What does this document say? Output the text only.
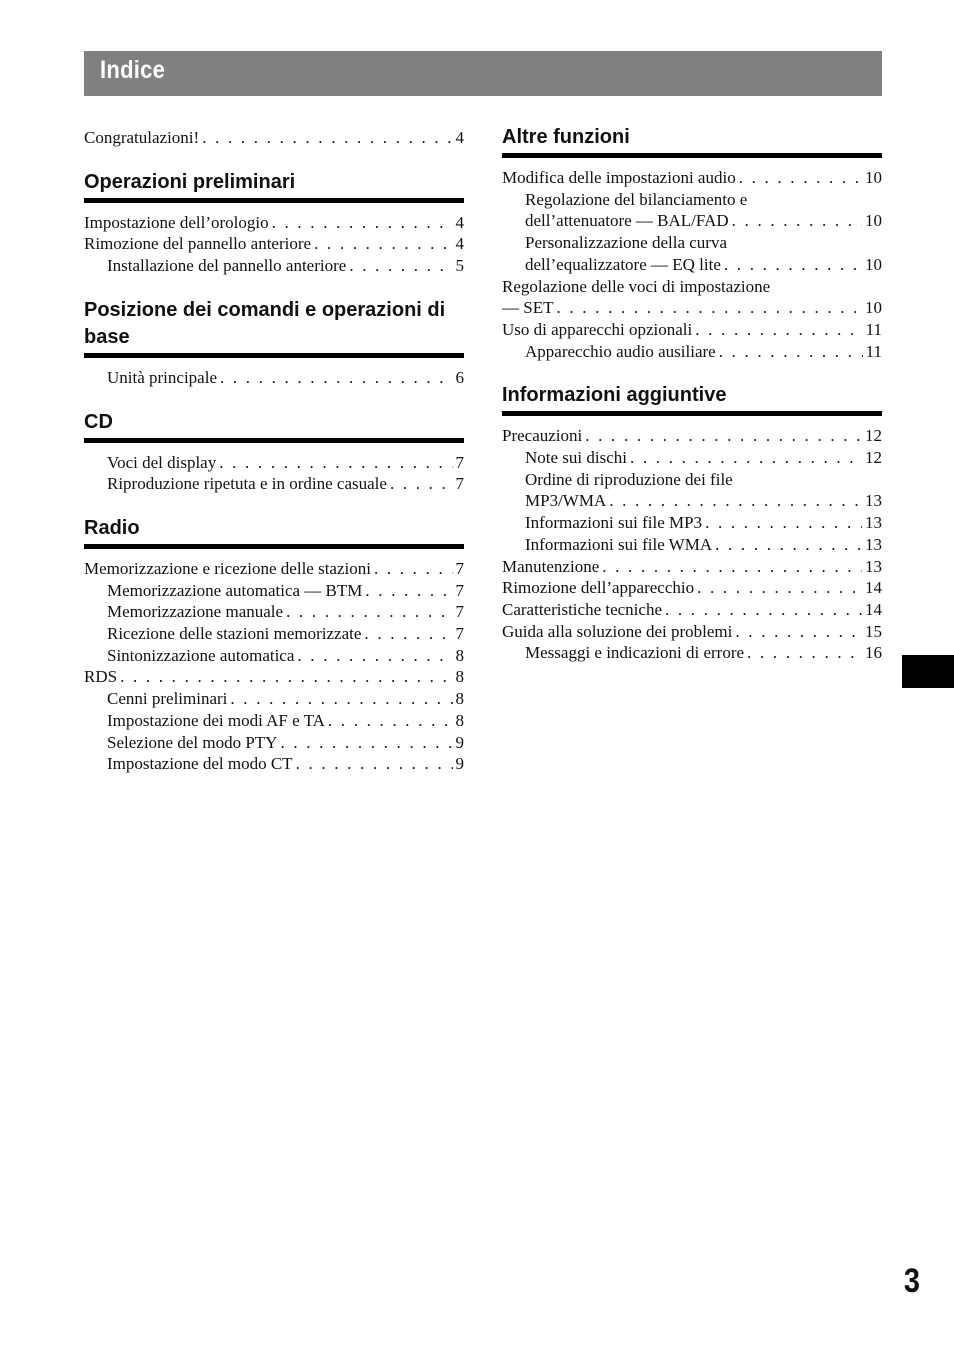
Indice
Congratulazioni! . . .	4
Operazioni preliminari
Impostazione dell’orologio . . .	4
Rimozione del pannello anteriore . . .	4
Installazione del pannello anteriore . . .	5
Posizione dei comandi e operazioni di base
Unità principale . . .	6
CD
Voci del display . . .	7
Riproduzione ripetuta e in ordine casuale . . .	7
Radio
Memorizzazione e ricezione delle stazioni . . .	7
Memorizzazione automatica — BTM . . .	7
Memorizzazione manuale . . .	7
Ricezione delle stazioni memorizzate . . .	7
Sintonizzazione automatica . . .	8
RDS . . .	8
Cenni preliminari . . .	8
Impostazione dei modi AF e TA . . .	8
Selezione del modo PTY . . .	9
Impostazione del modo CT . . .	9
Altre funzioni
Modifica delle impostazioni audio . . .	10
Regolazione del bilanciamento e
dell’attenuatore — BAL/FAD . . .	10
Personalizzazione della curva
dell’equalizzatore — EQ lite . . .	10
Regolazione delle voci di impostazione
— SET . . .	10
Uso di apparecchi opzionali . . .	11
Apparecchio audio ausiliare . . .	11
Informazioni aggiuntive
Precauzioni . . .	12
Note sui dischi . . .	12
Ordine di riproduzione dei file
MP3/WMA . . .	13
Informazioni sui file MP3 . . .	13
Informazioni sui file WMA . . .	13
Manutenzione . . .	13
Rimozione dell’apparecchio . . .	14
Caratteristiche tecniche . . .	14
Guida alla soluzione dei problemi . . .	15
Messaggi e indicazioni di errore . . .	16
3
